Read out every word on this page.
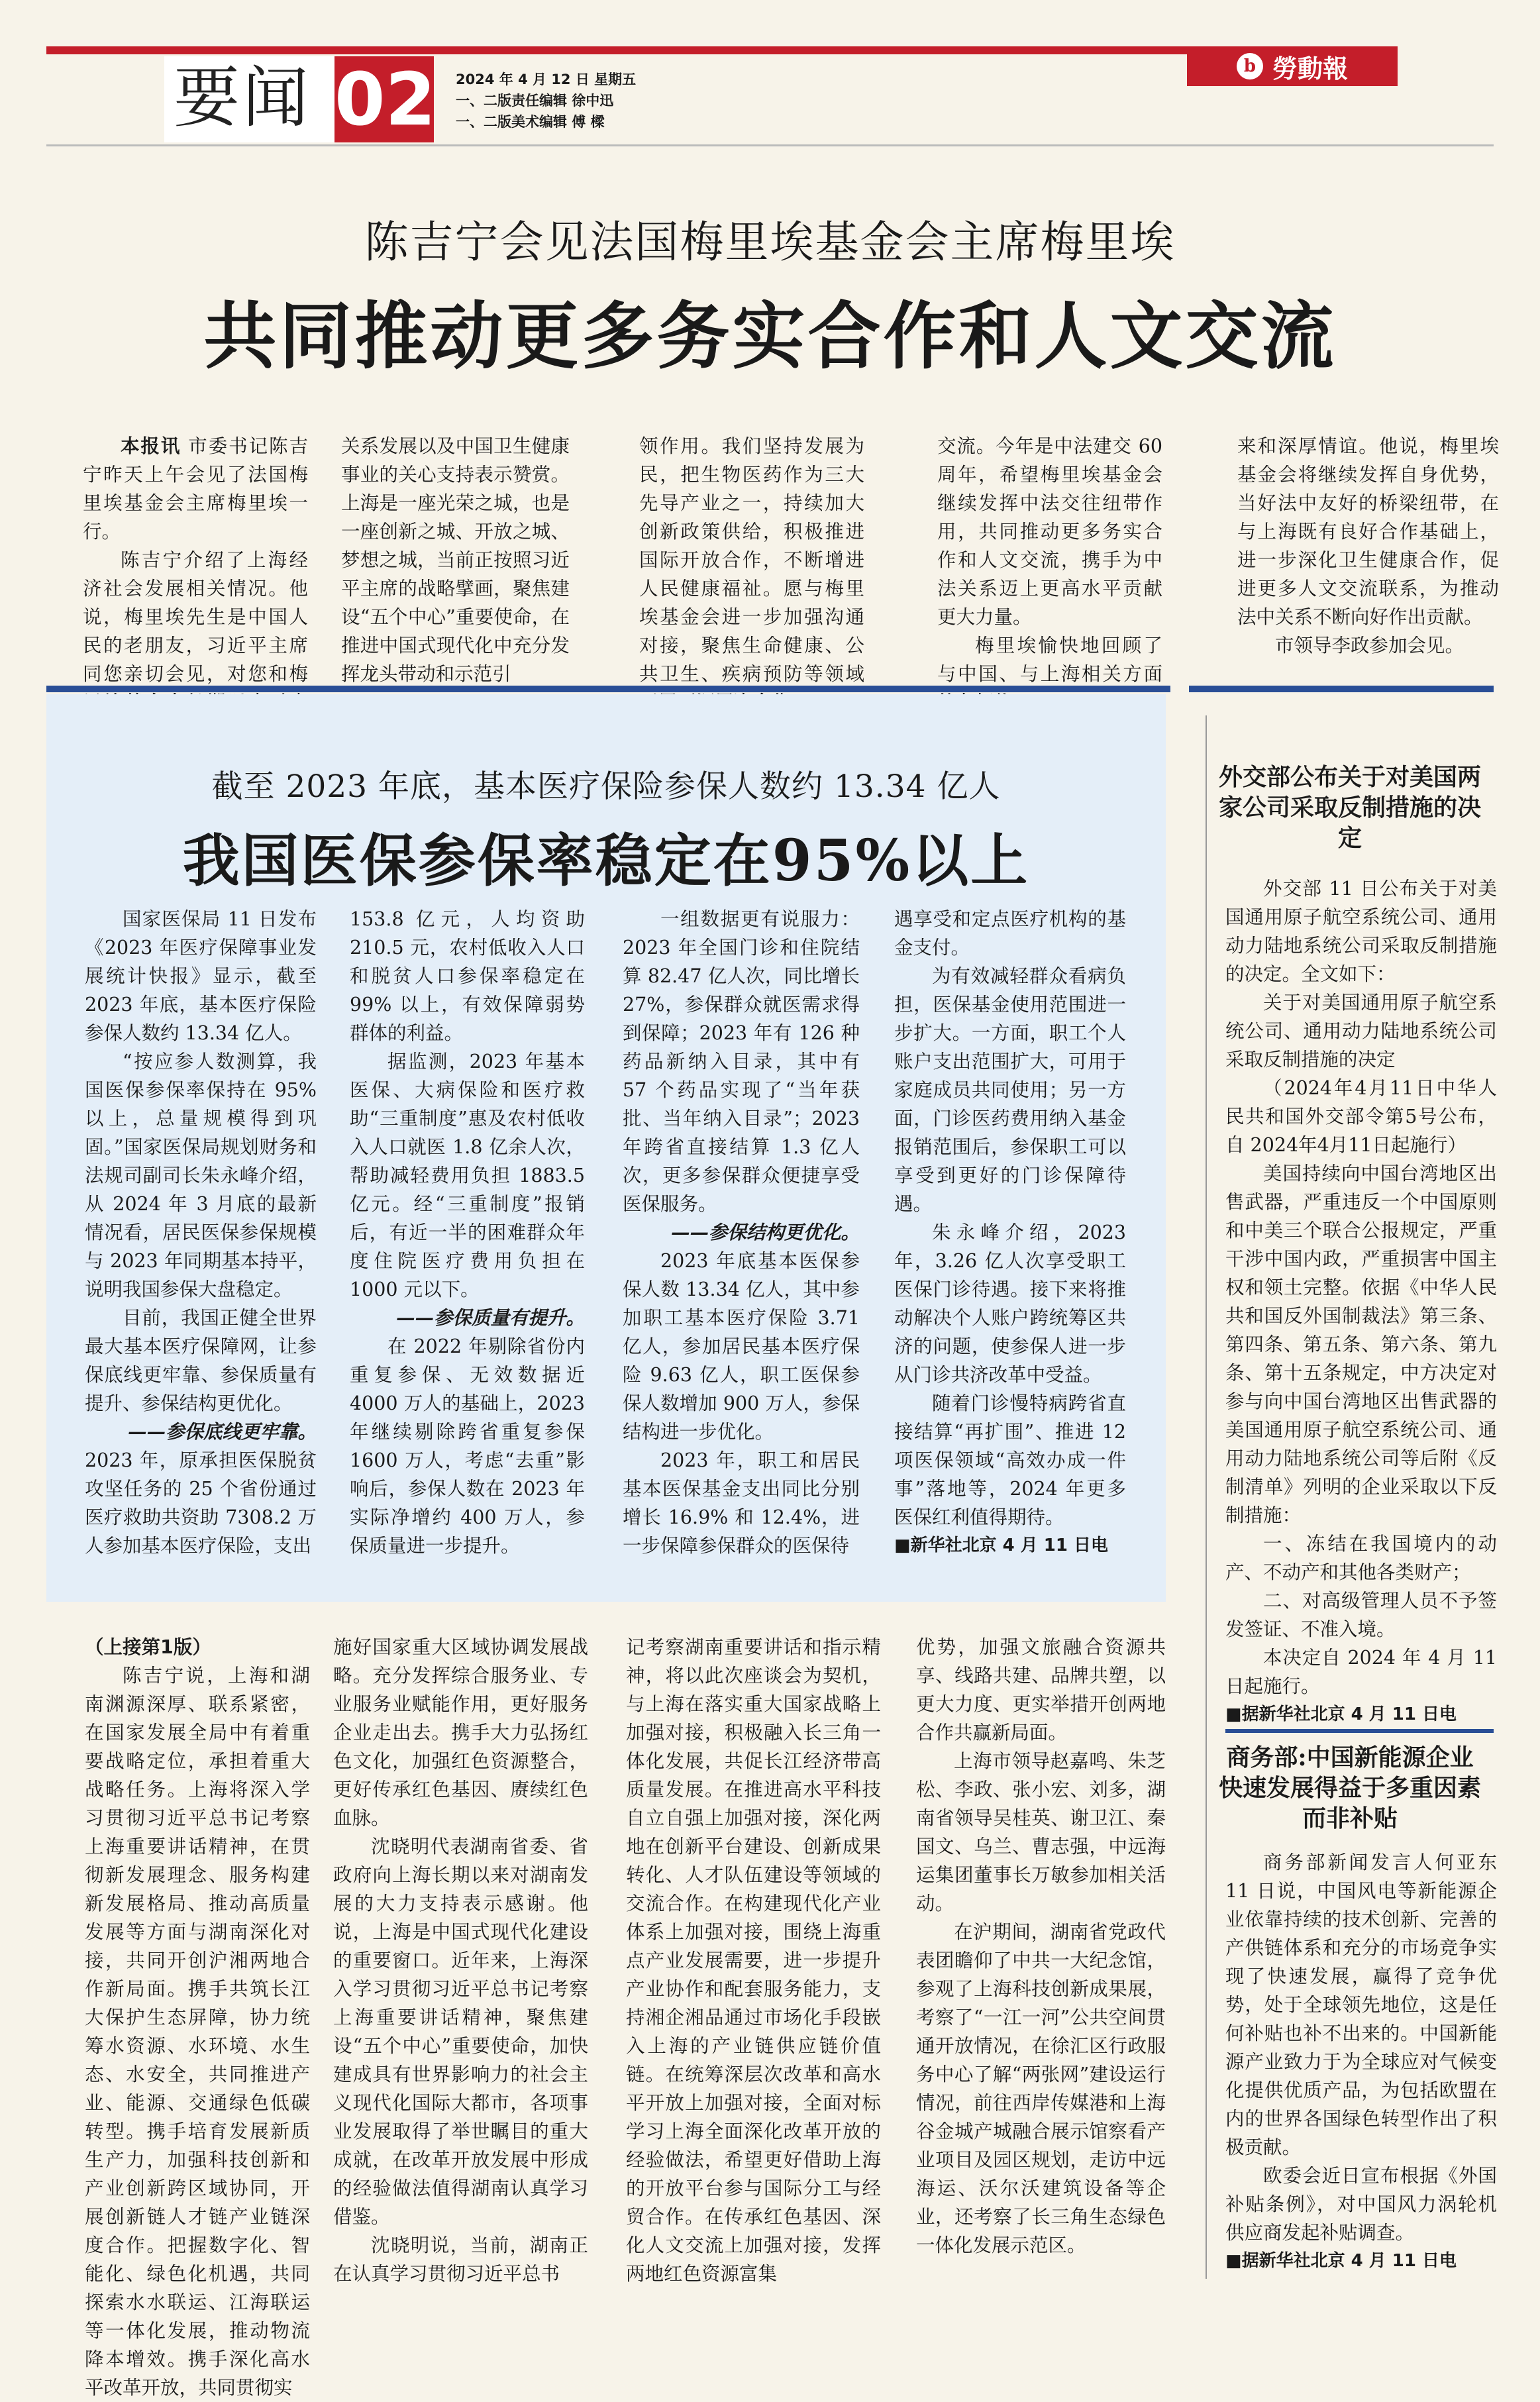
要闻 02 2024 年 4 月 12 日 星期五
一、二版责任编辑 徐中迅
一、二版美术编辑 傅 樑
b 勞動報
陈吉宁会见法国梅里埃基金会主席梅里埃
共同推动更多务实合作和人文交流

本报讯 市委书记陈吉宁昨天上午会见了法国梅里埃基金会主席梅里埃一行。

陈吉宁介绍了上海经济社会发展相关情况。他说，梅里埃先生是中国人民的老朋友，习近平主席同您亲切会见，对您和梅

关系发展以及中国卫生健康事业的关心支持表示赞赏。上海是一座光荣之城，也是一座创新之城、开放之城、梦想之城，当前正按照习近平主席的战略擘画，聚焦建设“五个中心”重要使命，在推进中国式现代化中充分发挥龙头带动和示范引

领作用。我们坚持发展为民，把生物医药作为三大先导产业之一，持续加大创新政策供给，积极推进国际开放合作，不断增进人民健康福祉。愿与梅里埃基金会进一步加强沟通对接，聚焦生命健康、公共卫生、疾病预防等领域

交流。今年是中法建交 60 周年，希望梅里埃基金会继续发挥中法交往纽带作用，共同推动更多务实合作和人文交流，携手为中法关系迈上更高水平贡献更大力量。

梅里埃愉快地回顾了与中国、与上海相关方面

来和深厚情谊。他说，梅里埃基金会将继续发挥自身优势，当好法中友好的桥梁纽带，在与上海既有良好合作基础上，进一步深化卫生健康合作，促进更多人文交流联系，为推动法中关系不断向好作出贡献。

市领导李政参加会见。

截至 2023 年底，基本医疗保险参保人数约 13.34 亿人
我国医保参保率稳定在95%以上

国家医保局 11 日发布《2023 年医疗保障事业发展统计快报》显示，截至 2023 年底，基本医疗保险参保人数约 13.34 亿人。

“按应参人数测算，我国医保参保率保持在 95% 以上，总量规模得到巩固。”国家医保局规划财务和法规司副司长朱永峰介绍，从 2024 年 3 月底的最新情况看，居民医保参保规模与 2023 年同期基本持平，说明我国参保大盘稳定。

目前，我国正健全世界最大基本医疗保障网，让参保底线更牢靠、参保质量有提升、参保结构更优化。

——参保底线更牢靠。

2023 年，原承担医保脱贫攻坚任务的 25 个省份通过医疗救助共资助 7308.2 万人参加基本医疗保险，支出

153.8 亿元，人均资助 210.5 元，农村低收入人口和脱贫人口参保率稳定在 99% 以上，有效保障弱势群体的利益。

据监测，2023 年基本医保、大病保险和医疗救助“三重制度”惠及农村低收入人口就医 1.8 亿余人次，帮助减轻费用负担 1883.5 亿元。经“三重制度”报销后，有近一半的困难群众年度住院医疗费用负担在 1000 元以下。

——参保质量有提升。

在 2022 年剔除省份内重复参保、无效数据近 4000 万人的基础上，2023 年继续剔除跨省重复参保 1600 万人，考虑“去重”影响后，参保人数在 2023 年实际净增约 400 万人，参保质量进一步提升。

一组数据更有说服力：2023 年全国门诊和住院结算 82.47 亿人次，同比增长 27%，参保群众就医需求得到保障；2023 年有 126 种药品新纳入目录，其中有 57 个药品实现了“当年获批、当年纳入目录”；2023 年跨省直接结算 1.3 亿人次，更多参保群众便捷享受医保服务。

——参保结构更优化。

2023 年底基本医保参保人数 13.34 亿人，其中参加职工基本医疗保险 3.71 亿人，参加居民基本医疗保险 9.63 亿人，职工医保参保人数增加 900 万人，参保结构进一步优化。

2023 年，职工和居民基本医保基金支出同比分别增长 16.9% 和 12.4%，进一步保障参保群众的医保待

遇享受和定点医疗机构的基金支付。

为有效减轻群众看病负担，医保基金使用范围进一步扩大。一方面，职工个人账户支出范围扩大，可用于家庭成员共同使用；另一方面，门诊医药费用纳入基金报销范围后，参保职工可以享受到更好的门诊保障待遇。

朱永峰介绍，2023 年，3.26 亿人次享受职工医保门诊待遇。接下来将推动解决个人账户跨统筹区共济的问题，使参保人进一步从门诊共济改革中受益。

随着门诊慢特病跨省直接结算“再扩围”、推进 12 项医保领域“高效办成一件事”落地等，2024 年更多医保红利值得期待。

■新华社北京 4 月 11 日电

外交部公布关于对美国两家公司采取反制措施的决定

外交部 11 日公布关于对美国通用原子航空系统公司、通用动力陆地系统公司采取反制措施的决定。全文如下：

关于对美国通用原子航空系统公司、通用动力陆地系统公司采取反制措施的决定

（2024年4月11日中华人民共和国外交部令第5号公布，自 2024年4月11日起施行）

美国持续向中国台湾地区出售武器，严重违反一个中国原则和中美三个联合公报规定，严重干涉中国内政，严重损害中国主权和领土完整。依据《中华人民共和国反外国制裁法》第三条、第四条、第五条、第六条、第九条、第十五条规定，中方决定对参与向中国台湾地区出售武器的美国通用原子航空系统公司、通用动力陆地系统公司等后附《反制清单》列明的企业采取以下反制措施：

一、冻结在我国境内的动产、不动产和其他各类财产；

二、对高级管理人员不予签发签证、不准入境。

本决定自 2024 年 4 月 11 日起施行。

■据新华社北京 4 月 11 日电

商务部:中国新能源企业快速发展得益于多重因素而非补贴

商务部新闻发言人何亚东 11 日说，中国风电等新能源企业依靠持续的技术创新、完善的产供链体系和充分的市场竞争实现了快速发展，赢得了竞争优势，处于全球领先地位，这是任何补贴也补不出来的。中国新能源产业致力于为全球应对气候变化提供优质产品，为包括欧盟在内的世界各国绿色转型作出了积极贡献。

欧委会近日宣布根据《外国补贴条例》，对中国风力涡轮机供应商发起补贴调查。

■据新华社北京 4 月 11 日电

（上接第1版）

陈吉宁说，上海和湖南渊源深厚、联系紧密，在国家发展全局中有着重要战略定位，承担着重大战略任务。上海将深入学习贯彻习近平总书记考察上海重要讲话精神，在贯彻新发展理念、服务构建新发展格局、推动高质量发展等方面与湖南深化对接，共同开创沪湘两地合作新局面。携手共筑长江大保护生态屏障，协力统筹水资源、水环境、水生态、水安全，共同推进产业、能源、交通绿色低碳转型。携手培育发展新质生产力，加强科技创新和产业创新跨区域协同，开展创新链人才链产业链深度合作。把握数字化、智能化、绿色化机遇，共同探索水水联运、江海联运等一体化发展，推动物流降本增效。携手深化高水平改革开放，共同贯彻实

施好国家重大区域协调发展战略。充分发挥综合服务业、专业服务业赋能作用，更好服务企业走出去。携手大力弘扬红色文化，加强红色资源整合，更好传承红色基因、赓续红色血脉。

沈晓明代表湖南省委、省政府向上海长期以来对湖南发展的大力支持表示感谢。他说，上海是中国式现代化建设的重要窗口。近年来，上海深入学习贯彻习近平总书记考察上海重要讲话精神，聚焦建设“五个中心”重要使命，加快建成具有世界影响力的社会主义现代化国际大都市，各项事业发展取得了举世瞩目的重大成就，在改革开放发展中形成的经验做法值得湖南认真学习借鉴。

沈晓明说，当前，湖南正在认真学习贯彻习近平总书

记考察湖南重要讲话和指示精神，将以此次座谈会为契机，与上海在落实重大国家战略上加强对接，积极融入长三角一体化发展，共促长江经济带高质量发展。在推进高水平科技自立自强上加强对接，深化两地在创新平台建设、创新成果转化、人才队伍建设等领域的交流合作。在构建现代化产业体系上加强对接，围绕上海重点产业发展需要，进一步提升产业协作和配套服务能力，支持湘企湘品通过市场化手段嵌入上海的产业链供应链价值链。在统筹深层次改革和高水平开放上加强对接，全面对标学习上海全面深化改革开放的经验做法，希望更好借助上海的开放平台参与国际分工与经贸合作。在传承红色基因、深化人文交流上加强对接，发挥两地红色资源富集

优势，加强文旅融合资源共享、线路共建、品牌共塑，以更大力度、更实举措开创两地合作共赢新局面。

上海市领导赵嘉鸣、朱芝松、李政、张小宏、刘多，湖南省领导吴桂英、谢卫江、秦国文、乌兰、曹志强，中远海运集团董事长万敏参加相关活动。

在沪期间，湖南省党政代表团瞻仰了中共一大纪念馆，参观了上海科技创新成果展，考察了“一江一河”公共空间贯通开放情况，在徐汇区行政服务中心了解“两张网”建设运行情况，前往西岸传媒港和上海谷金城产城融合展示馆察看产业项目及园区规划，走访中远海运、沃尔沃建筑设备等企业，还考察了长三角生态绿色一体化发展示范区。
